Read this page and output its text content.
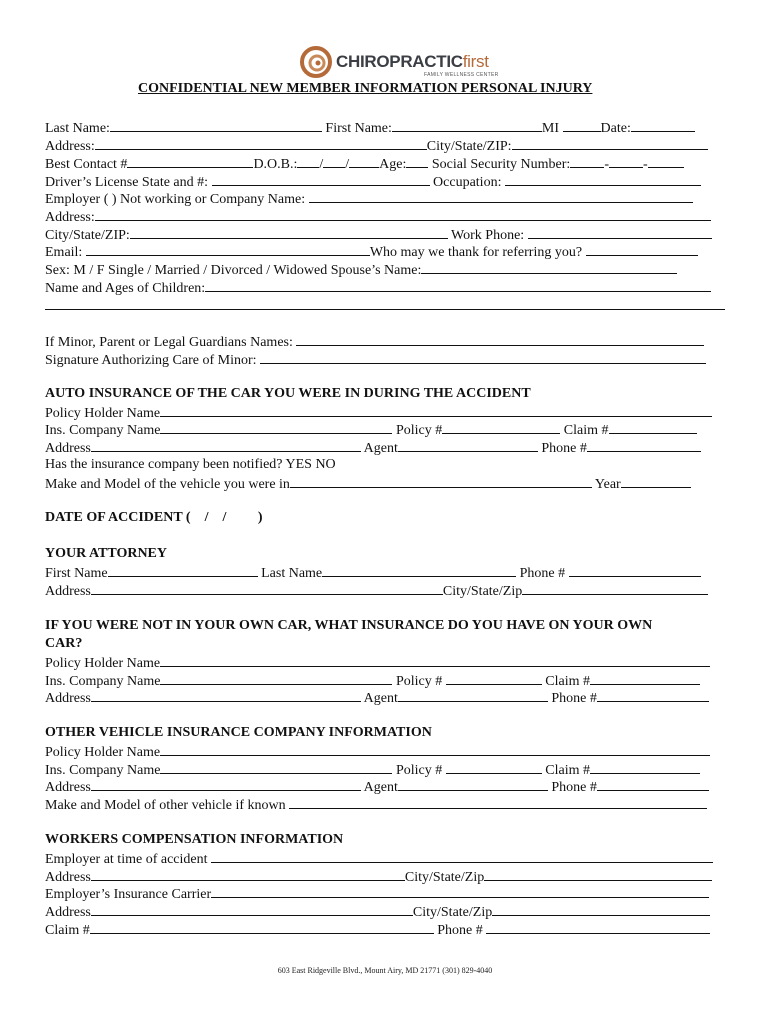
CHIROPRACTICfirst
FAMILY WELLNESS CENTER
CONFIDENTIAL NEW MEMBER INFORMATION PERSONAL INJURY
Last Name:	First Name:	MI	Date:
Address:	City/State/ZIP:
Best Contact #	D.O.B.: / / Age: Social Security Number: - -
Driver’s License State and #:	Occupation:
Employer ( ) Not working or Company Name:
Address:
City/State/ZIP:	Work Phone:
Email:	Who may we thank for referring you?
Sex: M / F Single / Married / Divorced / Widowed Spouse’s Name:
Name and Ages of Children:
If Minor, Parent or Legal Guardians Names:
Signature Authorizing Care of Minor:
AUTO INSURANCE OF THE CAR YOU WERE IN DURING THE ACCIDENT
Policy Holder Name
Ins. Company Name	Policy #	Claim #
Address	Agent	Phone #
Has the insurance company been notified? YES NO
Make and Model of the vehicle you were in	Year
DATE OF ACCIDENT (    /    /         )
YOUR ATTORNEY
First Name	Last Name	Phone #
Address	City/State/Zip
IF YOU WERE NOT IN YOUR OWN CAR, WHAT INSURANCE DO YOU HAVE ON YOUR OWN
CAR?
Policy Holder Name
Ins. Company Name	Policy #	Claim #
Address	Agent	Phone #
OTHER VEHICLE INSURANCE COMPANY INFORMATION
Policy Holder Name
Ins. Company Name	Policy #	Claim #
Address	Agent	Phone #
Make and Model of other vehicle if known
WORKERS COMPENSATION INFORMATION
Employer at time of accident
Address	City/State/Zip
Employer’s Insurance Carrier
Address	City/State/Zip
Claim #	Phone #
603 East Ridgeville Blvd., Mount Airy, MD 21771 (301) 829-4040
